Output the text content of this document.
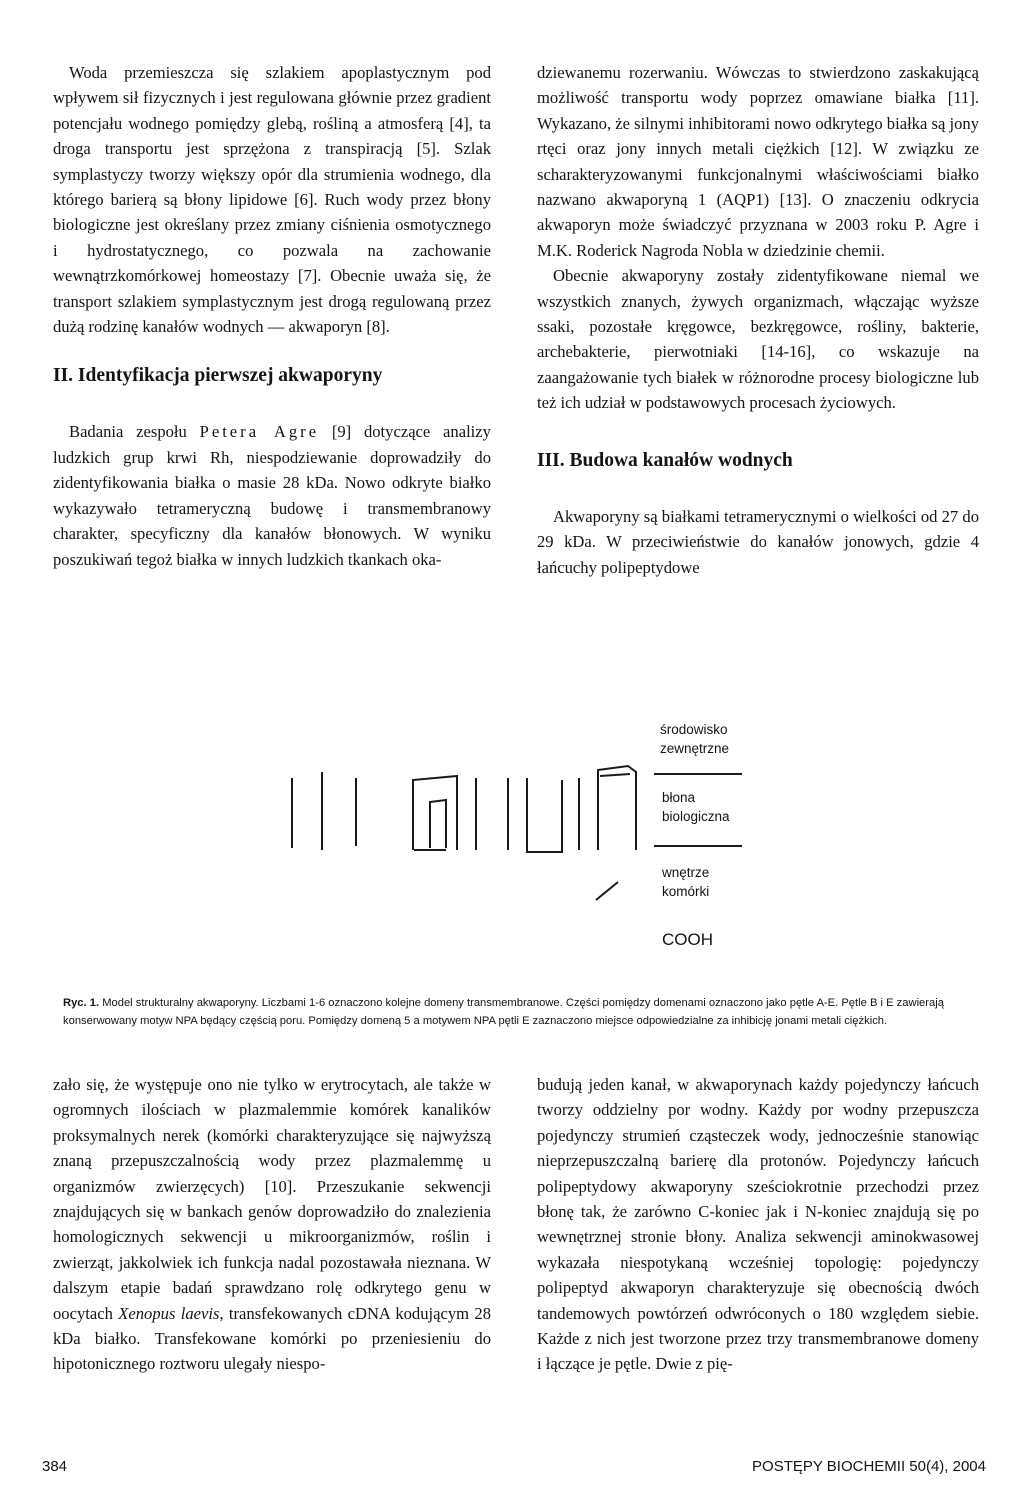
Woda przemieszcza się szlakiem apoplastycznym pod wpływem sił fizycznych i jest regulowana głównie przez gradient potencjału wodnego pomiędzy glebą, rośliną a atmosferą [4], ta droga transportu jest sprzężona z transpiracją [5]. Szlak symplastyczy tworzy większy opór dla strumienia wodnego, dla którego barierą są błony lipidowe [6]. Ruch wody przez błony biologiczne jest określany przez zmiany ciśnienia osmotycznego i hydrostatycznego, co pozwala na zachowanie wewnątrzkomórkowej homeostazy [7]. Obecnie uważa się, że transport szlakiem symplastycznym jest drogą regulowaną przez dużą rodzinę kanałów wodnych — akwaporyn [8].

II. Identyfikacja pierwszej akwaporyny

Badania zespołu Petera Agre [9] dotyczące analizy ludzkich grup krwi Rh, niespodziewanie doprowadziły do zidentyfikowania białka o masie 28 kDa. Nowo odkryte białko wykazywało tetrameryczną budowę i transmembranowy charakter, specyficzny dla kanałów błonowych. W wyniku poszukiwań tegoż białka w innych ludzkich tkankach oka-

dziewanemu rozerwaniu. Wówczas to stwierdzono zaskakującą możliwość transportu wody poprzez omawiane białka [11]. Wykazano, że silnymi inhibitorami nowo odkrytego białka są jony rtęci oraz jony innych metali ciężkich [12]. W związku ze scharakteryzowanymi funkcjonalnymi właściwościami białko nazwano akwaporyną 1 (AQP1) [13]. O znaczeniu odkrycia akwaporyn może świadczyć przyznana w 2003 roku P. Agre i M.K. Roderick Nagroda Nobla w dziedzinie chemii.

Obecnie akwaporyny zostały zidentyfikowane niemal we wszystkich znanych, żywych organizmach, włączając wyższe ssaki, pozostałe kręgowce, bezkręgowce, rośliny, bakterie, archebakterie, pierwotniaki [14-16], co wskazuje na zaangażowanie tych białek w różnorodne procesy biologiczne lub też ich udział w podstawowych procesach życiowych.

III. Budowa kanałów wodnych

Akwaporyny są białkami tetramerycznymi o wielkości od 27 do 29 kDa. W przeciwieństwie do kanałów jonowych, gdzie 4 łańcuchy polipeptydowe

środowisko
zewnętrzne
błona
biologiczna
wnętrze
komórki
COOH
Ryc. 1. Model strukturalny akwaporyny. Liczbami 1-6 oznaczono kolejne domeny transmembranowe. Części pomiędzy domenami oznaczono jako pętle A-E. Pętle B i E zawierają konserwowany motyw NPA będący częścią poru. Pomiędzy domeną 5 a motywem NPA pętli E zaznaczono miejsce odpowiedzialne za inhibicję jonami metali ciężkich.

zało się, że występuje ono nie tylko w erytrocytach, ale także w ogromnych ilościach w plazmalemmie komórek kanalików proksymalnych nerek (komórki charakteryzujące się najwyższą znaną przepuszczalnością wody przez plazmalemmę u organizmów zwierzęcych) [10]. Przeszukanie sekwencji znajdujących się w bankach genów doprowadziło do znalezienia homologicznych sekwencji u mikroorganizmów, roślin i zwierząt, jakkolwiek ich funkcja nadal pozostawała nieznana. W dalszym etapie badań sprawdzano rolę odkrytego genu w oocytach Xenopus laevis, transfekowanych cDNA kodującym 28 kDa białko. Transfekowane komórki po przeniesieniu do hipotonicznego roztworu ulegały niespo-

budują jeden kanał, w akwaporynach każdy pojedynczy łańcuch tworzy oddzielny por wodny. Każdy por wodny przepuszcza pojedynczy strumień cząsteczek wody, jednocześnie stanowiąc nieprzepuszczalną barierę dla protonów. Pojedynczy łańcuch polipeptydowy akwaporyny sześciokrotnie przechodzi przez błonę tak, że zarówno C-koniec jak i N-koniec znajdują się po wewnętrznej stronie błony. Analiza sekwencji aminokwasowej wykazała niespotykaną wcześniej topologię: pojedynczy polipeptyd akwaporyn charakteryzuje się obecnością dwóch tandemowych powtórzeń odwróconych o 180 względem siebie. Każde z nich jest tworzone przez trzy transmembranowe domeny i łączące je pętle. Dwie z pię-

384	POSTĘPY BIOCHEMII 50(4), 2004
